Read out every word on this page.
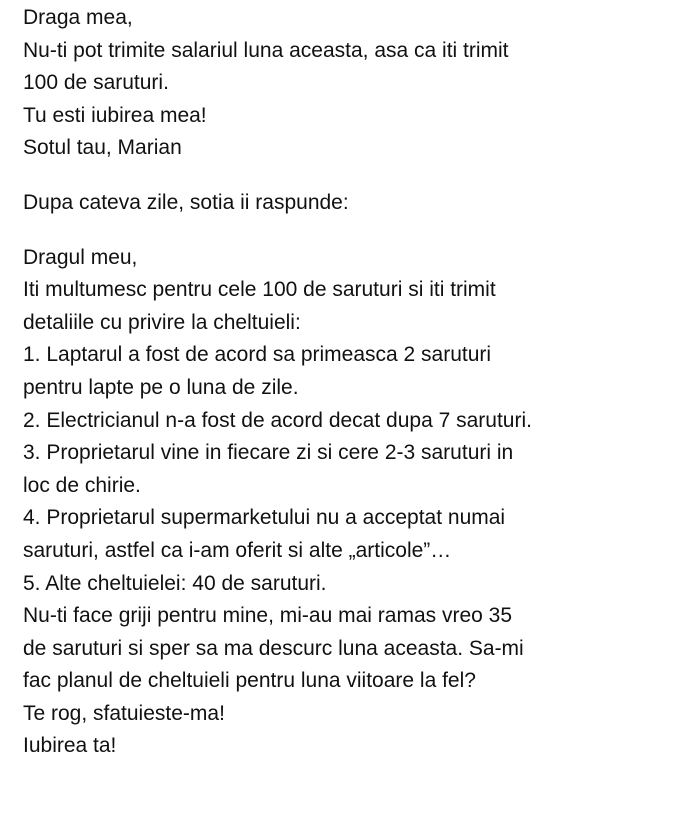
Draga mea,
Nu-ti pot trimite salariul luna aceasta, asa ca iti trimit
100 de saruturi.
Tu esti iubirea mea!
Sotul tau, Marian
Dupa cateva zile, sotia ii raspunde:
Dragul meu,
Iti multumesc pentru cele 100 de saruturi si iti trimit
detaliile cu privire la cheltuieli:
1. Laptarul a fost de acord sa primeasca 2 saruturi
pentru lapte pe o luna de zile.
2. Electricianul n-a fost de acord decat dupa 7 saruturi.
3. Proprietarul vine in fiecare zi si cere 2-3 saruturi in
loc de chirie.
4. Proprietarul supermarketului nu a acceptat numai
saruturi, astfel ca i-am oferit si alte „articole”…
5. Alte cheltuielei: 40 de saruturi.
Nu-ti face griji pentru mine, mi-au mai ramas vreo 35
de saruturi si sper sa ma descurc luna aceasta. Sa-mi
fac planul de cheltuieli pentru luna viitoare la fel?
Te rog, sfatuieste-ma!
Iubirea ta!
